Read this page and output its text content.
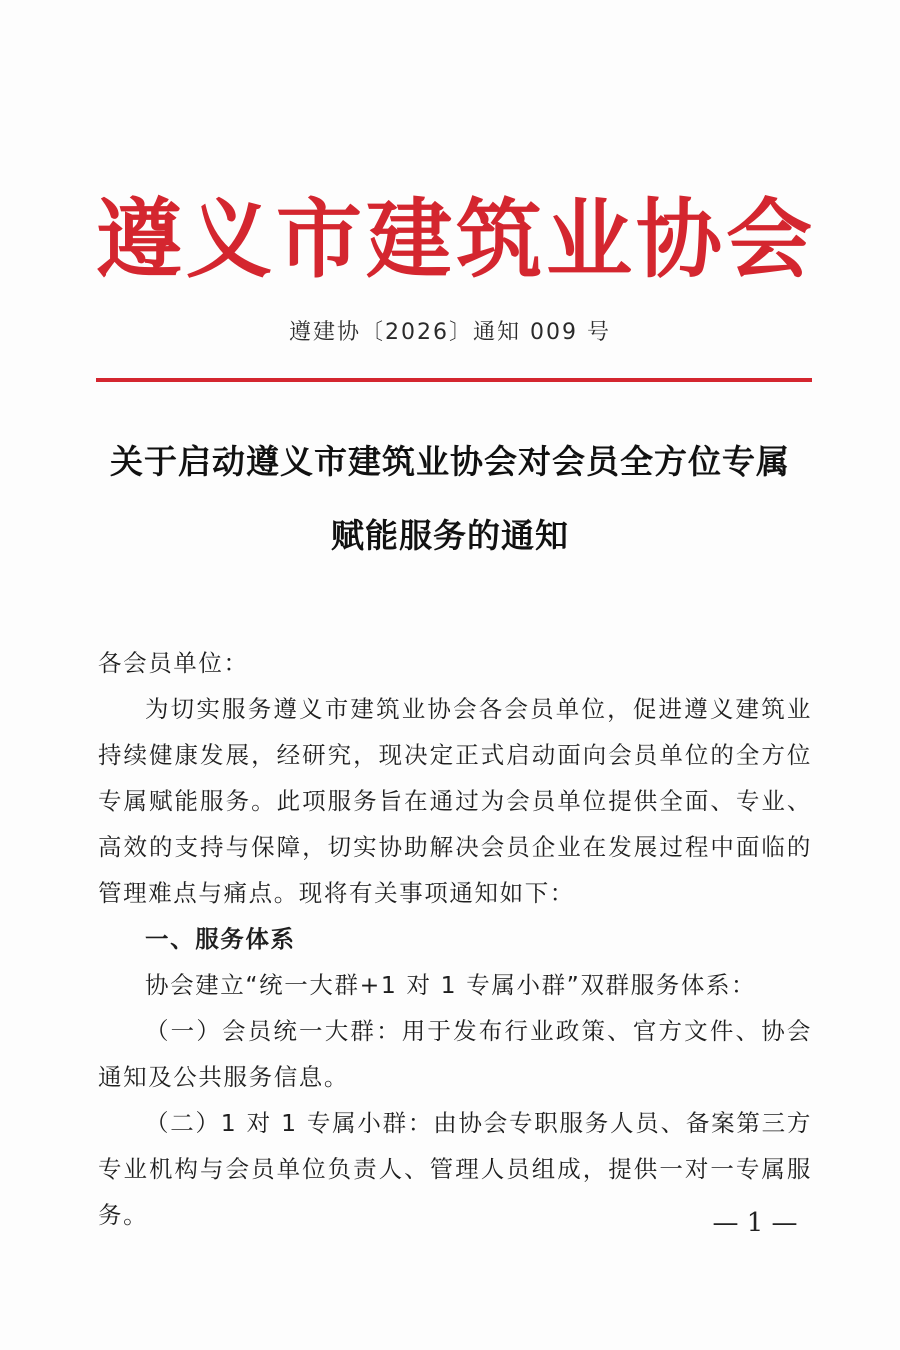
遵义市建筑业协会
遵建协〔2026〕通知 009 号
关于启动遵义市建筑业协会对会员全方位专属
赋能服务的通知

各会员单位：

为切实服务遵义市建筑业协会各会员单位，促进遵义建筑业持续健康发展，经研究，现决定正式启动面向会员单位的全方位专属赋能服务。此项服务旨在通过为会员单位提供全面、专业、高效的支持与保障，切实协助解决会员企业在发展过程中面临的管理难点与痛点。现将有关事项通知如下：

一、服务体系

协会建立“统一大群+1 对 1 专属小群”双群服务体系：

（一）会员统一大群：用于发布行业政策、官方文件、协会通知及公共服务信息。

（二）1 对 1 专属小群：由协会专职服务人员、备案第三方专业机构与会员单位负责人、管理人员组成，提供一对一专属服务。	— 1 —
